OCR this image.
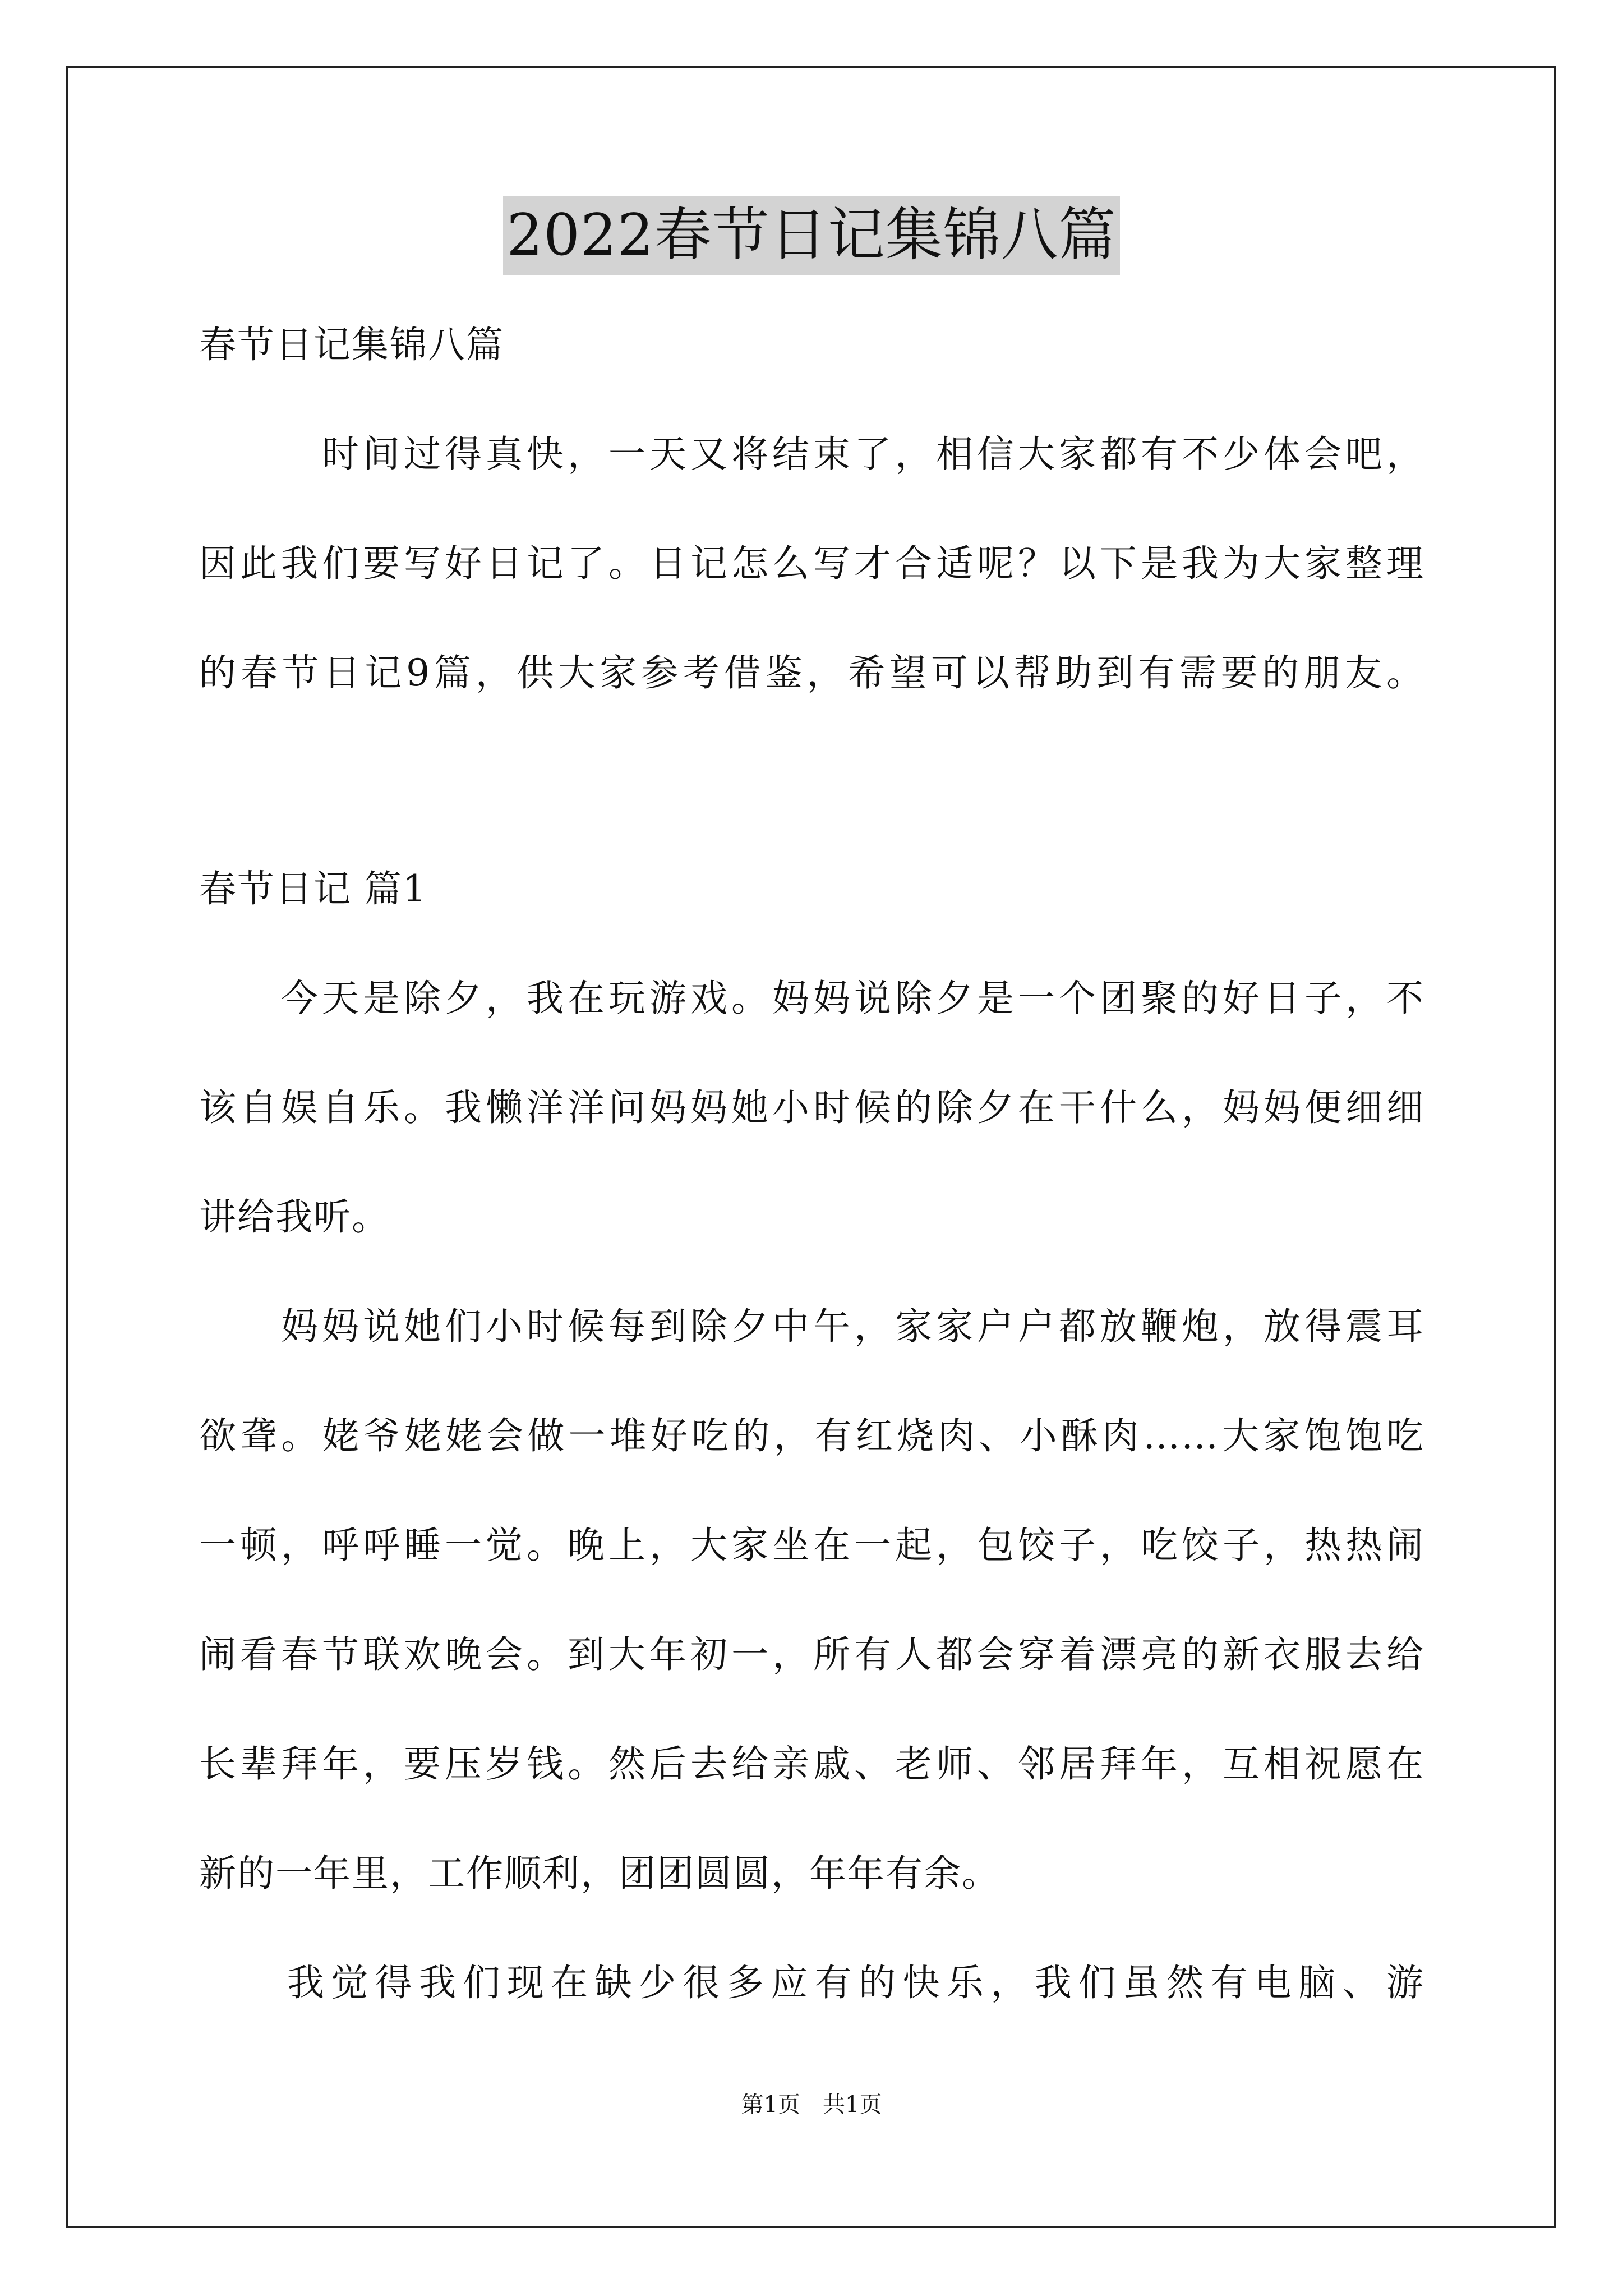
2022春节日记集锦八篇
春节日记集锦八篇
　　　时间过得真快，一天又将结束了，相信大家都有不少体会吧，
因此我们要写好日记了。日记怎么写才合适呢？以下是我为大家整理
的春节日记9篇，供大家参考借鉴，希望可以帮助到有需要的朋友。
春节日记 篇1
　　今天是除夕，我在玩游戏。妈妈说除夕是一个团聚的好日子，不
该自娱自乐。我懒洋洋问妈妈她小时候的除夕在干什么，妈妈便细细
讲给我听。
　　妈妈说她们小时候每到除夕中午，家家户户都放鞭炮，放得震耳
欲聋。姥爷姥姥会做一堆好吃的，有红烧肉、小酥肉……大家饱饱吃
一顿，呼呼睡一觉。晚上，大家坐在一起，包饺子，吃饺子，热热闹
闹看春节联欢晚会。到大年初一，所有人都会穿着漂亮的新衣服去给
长辈拜年，要压岁钱。然后去给亲戚、老师、邻居拜年，互相祝愿在
新的一年里，工作顺利，团团圆圆，年年有余。
　　我觉得我们现在缺少很多应有的快乐，我们虽然有电脑、游
第1页　共1页
